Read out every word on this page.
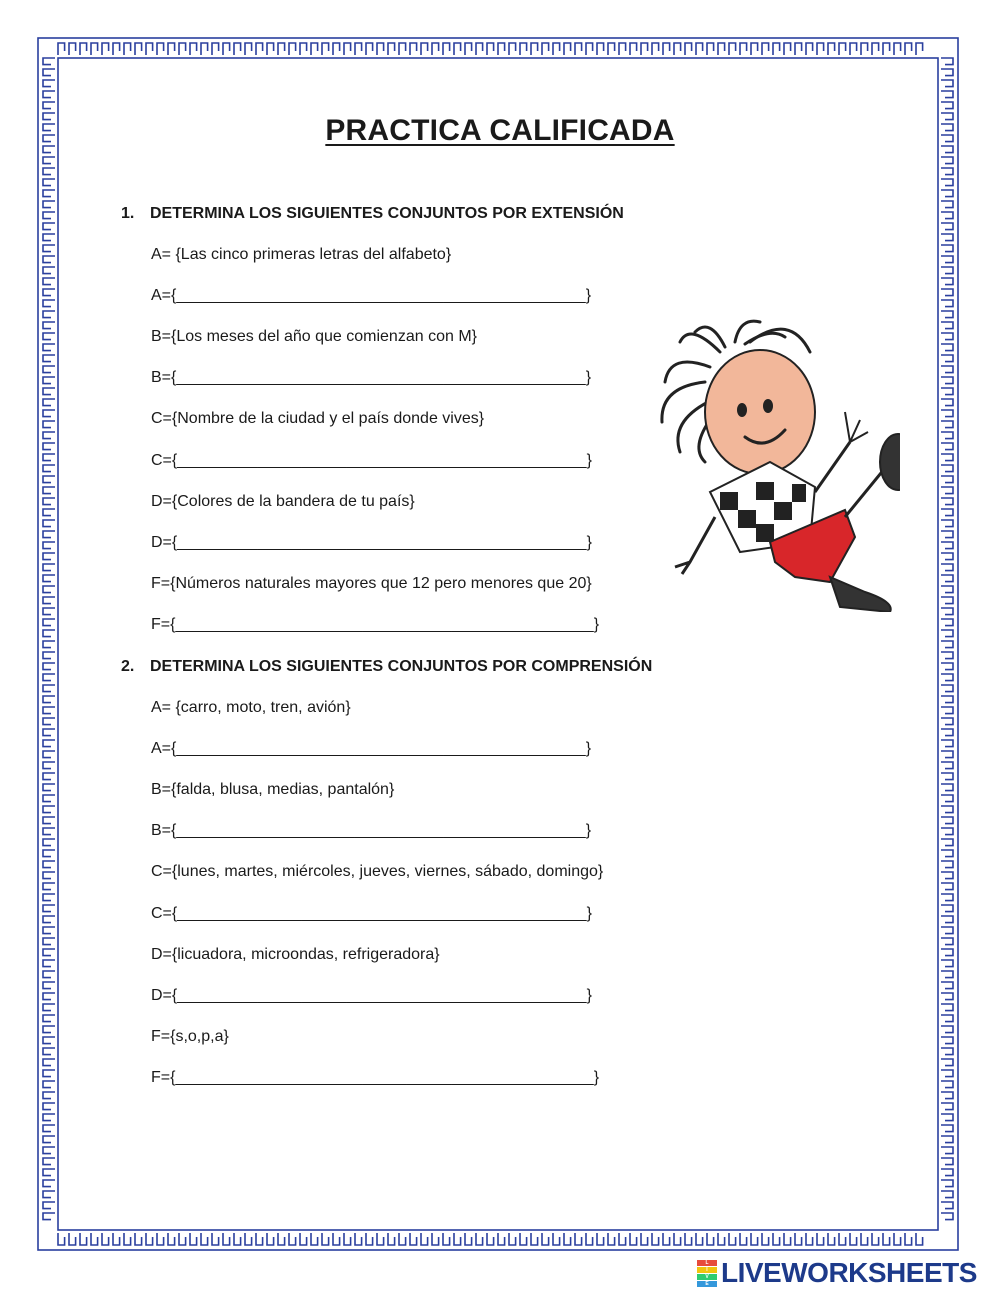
PRACTICA CALIFICADA
1. DETERMINA LOS SIGUIENTES CONJUNTOS POR EXTENSIÓN
A= {Las cinco primeras letras del alfabeto}
A={______________________________________________}
B={Los meses del año que comienzan con M}
B={______________________________________________}
C={Nombre de la ciudad y el país donde vives}
C={______________________________________________}
D={Colores de la bandera de tu país}
D={______________________________________________}
F={Números naturales mayores que 12 pero menores que 20}
F={_______________________________________________}
2. DETERMINA LOS SIGUIENTES CONJUNTOS POR COMPRENSIÓN
A= {carro, moto, tren, avión}
A={______________________________________________}
B={falda, blusa, medias, pantalón}
B={______________________________________________}
C={lunes, martes, miércoles, jueves, viernes, sábado, domingo}
C={______________________________________________}
D={licuadora, microondas, refrigeradora}
D={______________________________________________}
F={s,o,p,a}
F={_______________________________________________}
L
I
V
E LIVEWORKSHEETS
